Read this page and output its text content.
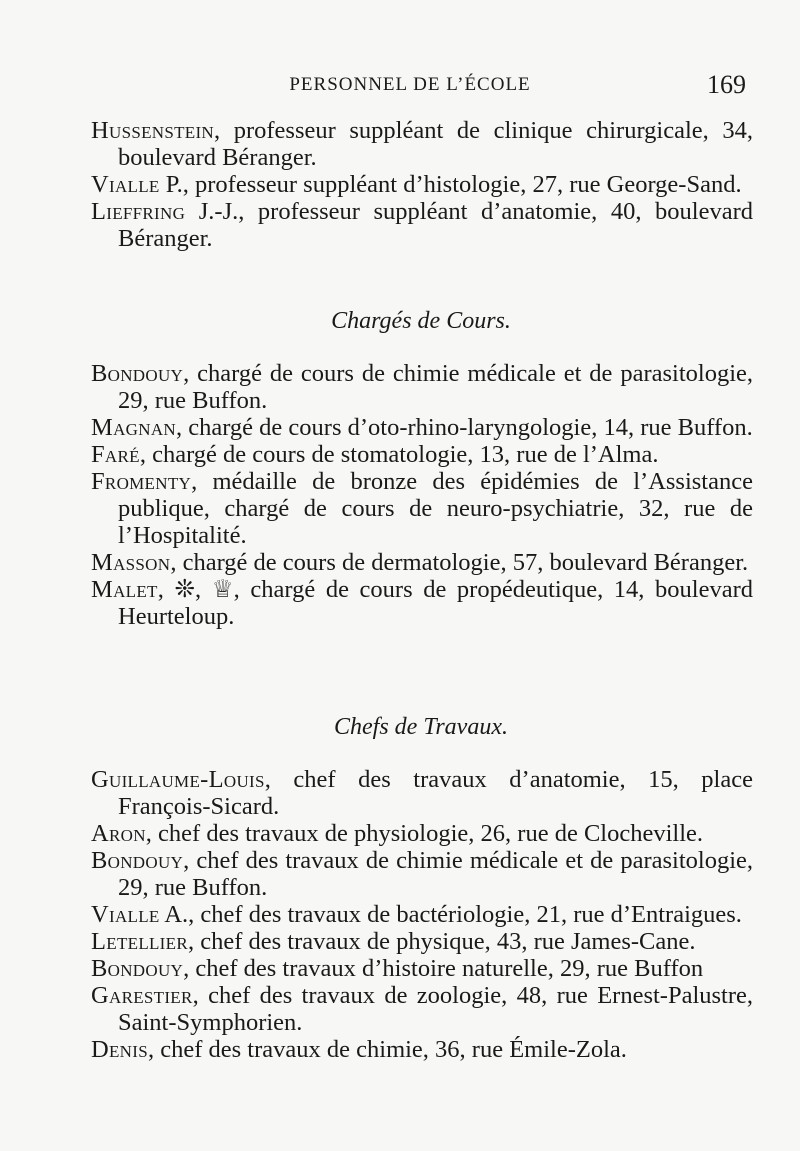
PERSONNEL DE L’ÉCOLE	169

Hussenstein, professeur suppléant de clinique chirurgicale, 34, boulevard Béranger.

Vialle P., professeur suppléant d’histologie, 27, rue George-Sand.

Lieffring J.-J., professeur suppléant d’anatomie, 40, boulevard Béranger.

Chargés de Cours.

Bondouy, chargé de cours de chimie médicale et de parasitologie, 29, rue Buffon.

Magnan, chargé de cours d’oto-rhino-laryngologie, 14, rue Buffon.

Faré, chargé de cours de stomatologie, 13, rue de l’Alma.

Fromenty, médaille de bronze des épidémies de l’Assistance publique, chargé de cours de neuro-psychiatrie, 32, rue de l’Hospitalité.

Masson, chargé de cours de dermatologie, 57, boulevard Béranger.

Malet, ❊, ♕, chargé de cours de propédeutique, 14, boulevard Heurteloup.

Chefs de Travaux.

Guillaume-Louis, chef des travaux d’anatomie, 15, place François-Sicard.

Aron, chef des travaux de physiologie, 26, rue de Clocheville.

Bondouy, chef des travaux de chimie médicale et de parasitologie, 29, rue Buffon.

Vialle A., chef des travaux de bactériologie, 21, rue d’Entraigues.

Letellier, chef des travaux de physique, 43, rue James-Cane.

Bondouy, chef des travaux d’histoire naturelle, 29, rue Buffon

Garestier, chef des travaux de zoologie, 48, rue Ernest-Palustre, Saint-Symphorien.

Denis, chef des travaux de chimie, 36, rue Émile-Zola.
